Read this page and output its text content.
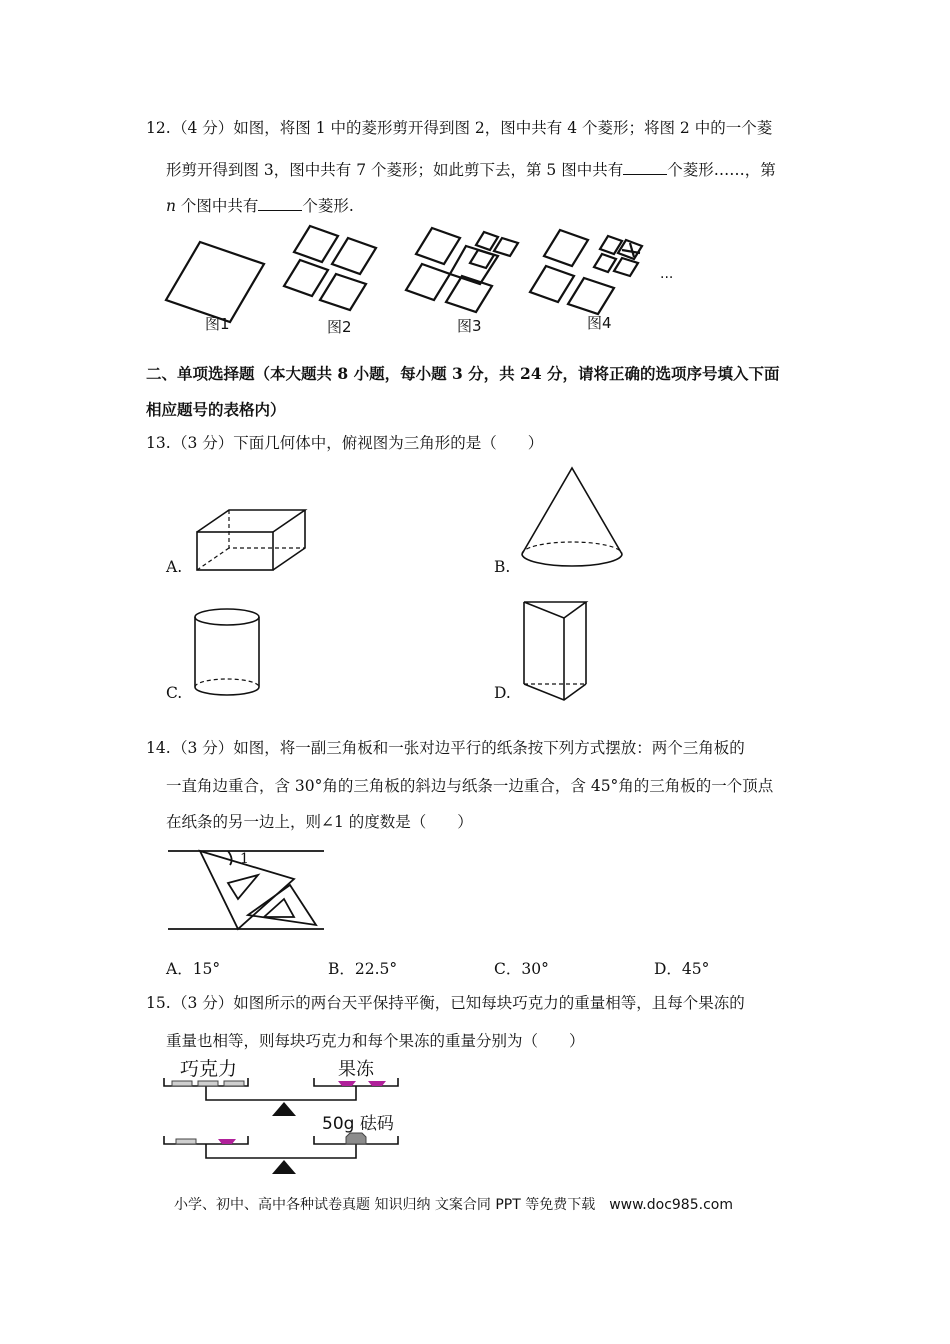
12. （4 分）如图，将图 1 中的菱形剪开得到图 2，图中共有 4 个菱形；将图 2 中的一个菱
形剪开得到图 3，图中共有 7 个菱形；如此剪下去，第 5 图中共有	个菱形……，第
n 个图中共有	个菱形.
···
图1	图2	图3	图4
二、单项选择题（本大题共 8 小题，每小题 3 分，共 24 分，请将正确的选项序号填入下面
相应题号的表格内）
13. （3 分）下面几何体中，俯视图为三角形的是（　　）
A.	B.
C.	D.
14. （3 分）如图，将一副三角板和一张对边平行的纸条按下列方式摆放：两个三角板的
一直角边重合，含 30°角的三角板的斜边与纸条一边重合，含 45°角的三角板的一个顶点
在纸条的另一边上，则∠1 的度数是（　　）
1
A．15°	B．22.5°	C．30°	D．45°
15. （3 分）如图所示的两台天平保持平衡，已知每块巧克力的重量相等，且每个果冻的
重量也相等，则每块巧克力和每个果冻的重量分别为（　　）
巧克力	果冻
50g 砝码
小学、初中、高中各种试卷真题 知识归纳 文案合同 PPT 等免费下载　www.doc985.com
